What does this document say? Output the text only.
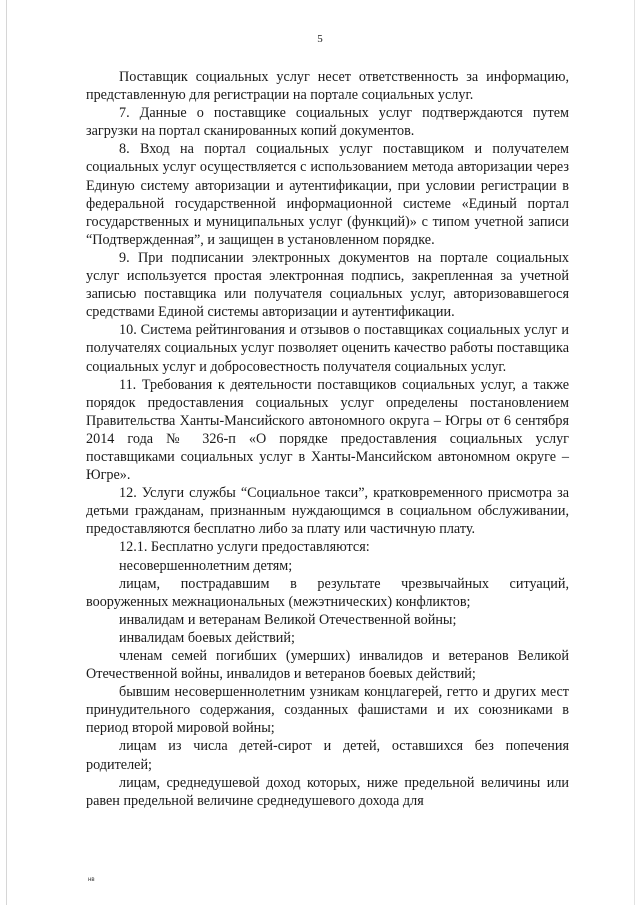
5

Поставщик социальных услуг несет ответственность за информацию, представленную для регистрации на портале социальных услуг.

7. Данные о поставщике социальных услуг подтверждаются путем загрузки на портал сканированных копий документов.

8. Вход на портал социальных услуг поставщиком и получателем социальных услуг осуществляется с использованием метода авторизации через Единую систему авторизации и аутентификации, при условии регистрации в федеральной государственной информационной системе «Единый портал государственных и муниципальных услуг (функций)» с типом учетной записи “Подтвержденная”, и защищен в установленном порядке.

9. При подписании электронных документов на портале социальных услуг используется простая электронная подпись, закрепленная за учетной записью поставщика или получателя социальных услуг, авторизовавшегося средствами Единой системы авторизации и аутентификации.

10. Система рейтингования и отзывов о поставщиках социальных услуг и получателях социальных услуг позволяет оценить качество работы поставщика социальных услуг и добросовестность получателя социальных услуг.

11. Требования к деятельности поставщиков социальных услуг, а также порядок предоставления социальных услуг определены постановлением Правительства Ханты-Мансийского автономного округа – Югры от 6 сентября 2014 года № 326-п «О порядке предоставления социальных услуг поставщиками социальных услуг в Ханты-Мансийском автономном округе – Югре».

12. Услуги службы “Социальное такси”, кратковременного присмотра за детьми гражданам, признанным нуждающимся в социальном обслуживании, предоставляются бесплатно либо за плату или частичную плату.

12.1. Бесплатно услуги предоставляются:

несовершеннолетним детям;

лицам, пострадавшим в результате чрезвычайных ситуаций, вооруженных межнациональных (межэтнических) конфликтов;

инвалидам и ветеранам Великой Отечественной войны;

инвалидам боевых действий;

членам семей погибших (умерших) инвалидов и ветеранов Великой Отечественной войны, инвалидов и ветеранов боевых действий;

бывшим несовершеннолетним узникам концлагерей, гетто и других мест принудительного содержания, созданных фашистами и их союзниками в период второй мировой войны;

лицам из числа детей-сирот и детей, оставшихся без попечения родителей;

лицам, среднедушевой доход которых, ниже предельной величины или равен предельной величине среднедушевого дохода для

нв
